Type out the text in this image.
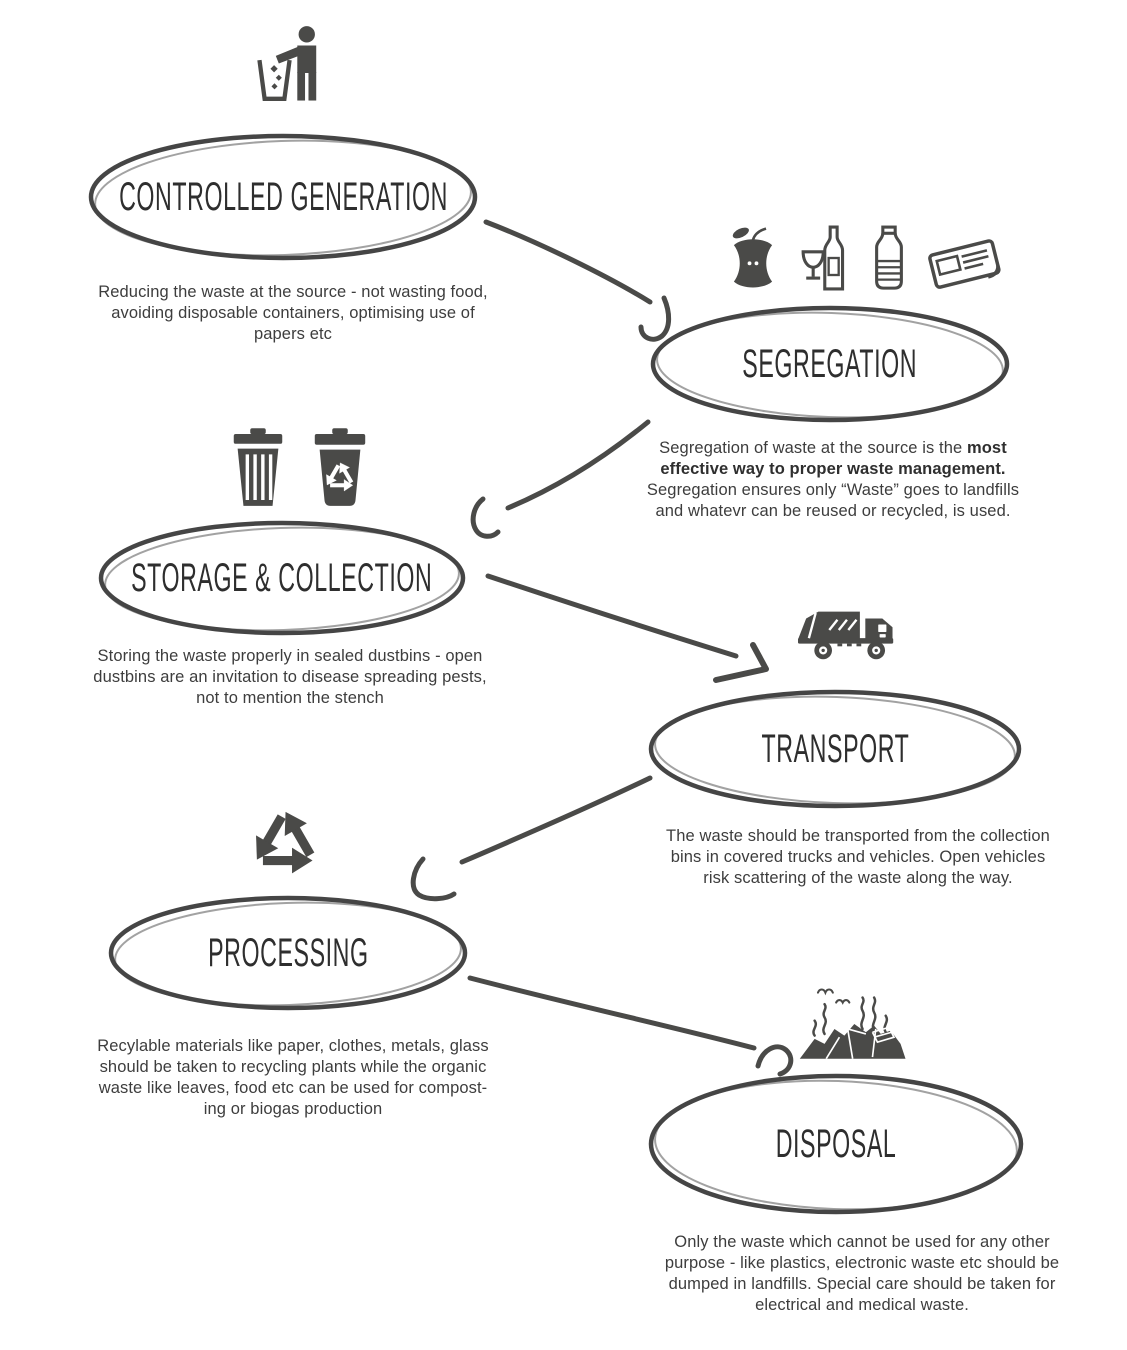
CONTROLLED GENERATION
Reducing the waste at the source - not wasting food,
avoiding disposable containers, optimising use of
papers etc
SEGREGATION
Segregation of waste at the source is the most
effective way to proper waste management.
Segregation ensures only “Waste” goes to landfills
and whatevr can be reused or recycled, is used.
STORAGE & COLLECTION
Storing the waste properly in sealed dustbins - open
dustbins are an invitation to disease spreading pests,
not to mention the stench
TRANSPORT
The waste should be transported from the collection
bins in covered trucks and vehicles. Open vehicles
risk scattering of the waste along the way.
PROCESSING
Recylable materials like paper, clothes, metals, glass
should be taken to recycling plants while the organic
waste like leaves, food etc can be used for compost-
ing or biogas production
DISPOSAL
Only the waste which cannot be used for any other
purpose - like plastics, electronic waste etc should be
dumped in landfills. Special care should be taken for
electrical and medical waste.
